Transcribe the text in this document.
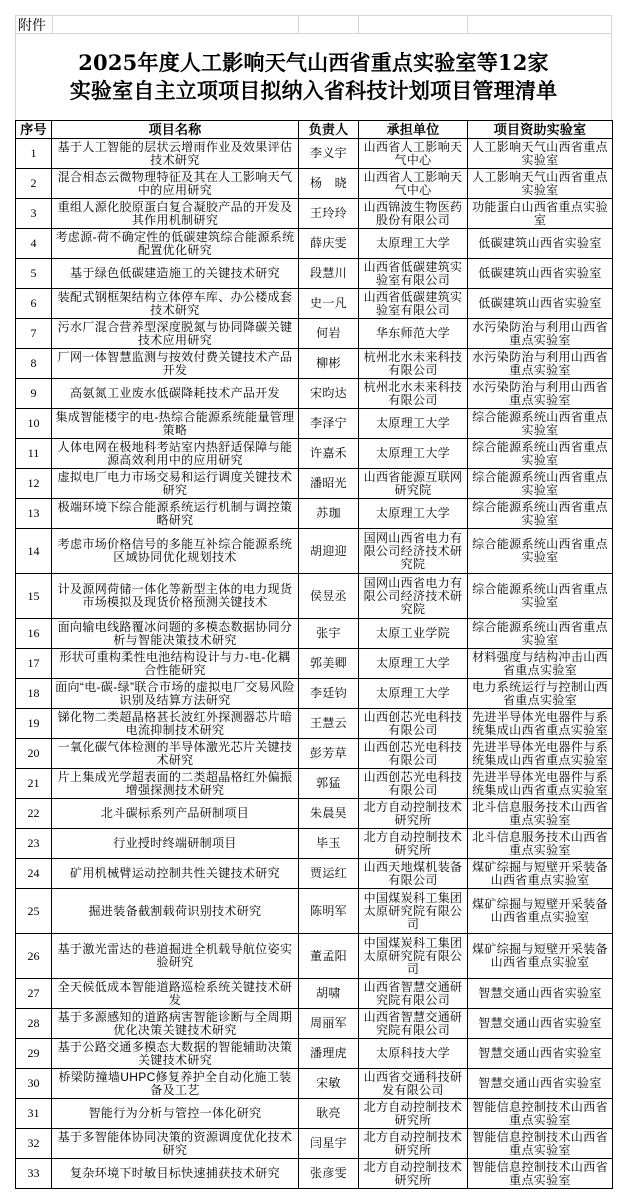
附件
2025年度人工影响天气山西省重点实验室等12家
实验室自主立项项目拟纳入省科技计划项目管理清单
序号	项目名称	负责人	承担单位	项目资助实验室
1	基于人工智能的层状云增雨作业及效果评估技术研究	李义宇	山西省人工影响天气中心	人工影响天气山西省重点实验室
2	混合相态云微物理特征及其在人工影响天气中的应用研究	杨　晓	山西省人工影响天气中心	人工影响天气山西省重点实验室
3	重组人源化胶原蛋白复合凝胶产品的开发及其作用机制研究	王玲玲	山西锦波生物医药股份有限公司	功能蛋白山西省重点实验室
4	考虑源-荷不确定性的低碳建筑综合能源系统配置优化研究	薛庆雯	太原理工大学	低碳建筑山西省实验室
5	基于绿色低碳建造施工的关键技术研究	段慧川	山西省低碳建筑实验室有限公司	低碳建筑山西省实验室
6	装配式钢框架结构立体停车库、办公楼成套技术研究	史一凡	山西省低碳建筑实验室有限公司	低碳建筑山西省实验室
7	污水厂混合营养型深度脱氮与协同降碳关键技术应用研究	何岩	华东师范大学	水污染防治与利用山西省重点实验室
8	厂网一体智慧监测与按效付费关键技术产品开发	柳彬	杭州北水未来科技有限公司	水污染防治与利用山西省重点实验室
9	高氨氮工业废水低碳降耗技术产品开发	宋昀达	杭州北水未来科技有限公司	水污染防治与利用山西省重点实验室
10	集成智能楼宇的电-热综合能源系统能量管理策略	李泽宁	太原理工大学	综合能源系统山西省重点实验室
11	人体电网在极地科考站室内热舒适保障与能源高效利用中的应用研究	许嘉禾	太原理工大学	综合能源系统山西省重点实验室
12	虚拟电厂电力市场交易和运行调度关键技术研究	潘昭光	山西省能源互联网研究院	综合能源系统山西省重点实验室
13	极端环境下综合能源系统运行机制与调控策略研究	苏珈	太原理工大学	综合能源系统山西省重点实验室
14	考虑市场价格信号的多能互补综合能源系统区域协同优化规划技术	胡迎迎	国网山西省电力有限公司经济技术研究院	综合能源系统山西省重点实验室
15	计及源网荷储一体化等新型主体的电力现货市场模拟及现货价格预测关键技术	侯昱丞	国网山西省电力有限公司经济技术研究院	综合能源系统山西省重点实验室
16	面向输电线路覆冰问题的多模态数据协同分析与智能决策技术研究	张宇	太原工业学院	综合能源系统山西省重点实验室
17	形状可重构柔性电池结构设计与力-电-化耦合性能研究	郭美卿	太原理工大学	材料强度与结构冲击山西省重点实验室
18	面向“电-碳-绿”联合市场的虚拟电厂交易风险识别及结算方法研究	李廷钧	太原理工大学	电力系统运行与控制山西省重点实验室
19	锑化物二类超晶格甚长波红外探测器芯片暗电流抑制技术研究	王慧云	山西创芯光电科技有限公司	先进半导体光电器件与系统集成山西省重点实验室
20	一氧化碳气体检测的半导体激光芯片关键技术研究	彭芳草	山西创芯光电科技有限公司	先进半导体光电器件与系统集成山西省重点实验室
21	片上集成光学超表面的二类超晶格红外偏振增强探测技术研究	郭猛	山西创芯光电科技有限公司	先进半导体光电器件与系统集成山西省重点实验室
22	北斗碳标系列产品研制项目	朱晨昊	北方自动控制技术研究所	北斗信息服务技术山西省重点实验室
23	行业授时终端研制项目	毕玉	北方自动控制技术研究所	北斗信息服务技术山西省重点实验室
24	矿用机械臂运动控制共性关键技术研究	贾运红	山西天地煤机装备有限公司	煤矿综掘与短壁开采装备山西省重点实验室
25	掘进装备截割载荷识别技术研究	陈明军	中国煤炭科工集团太原研究院有限公司	煤矿综掘与短壁开采装备山西省重点实验室
26	基于激光雷达的巷道掘进全机载导航位姿实验研究	董孟阳	中国煤炭科工集团太原研究院有限公司	煤矿综掘与短壁开采装备山西省重点实验室
27	全天候低成本智能道路巡检系统关键技术研发	胡啸	山西省智慧交通研究院有限公司	智慧交通山西省实验室
28	基于多源感知的道路病害智能诊断与全周期优化决策关键技术研究	周丽军	山西省智慧交通研究院有限公司	智慧交通山西省实验室
29	基于公路交通多模态大数据的智能辅助决策关键技术研究	潘理虎	太原科技大学	智慧交通山西省实验室
30	桥梁防撞墙UHPC修复养护全自动化施工装备及工艺	宋敏	山西省交通科技研发有限公司	智慧交通山西省实验室
31	智能行为分析与管控一体化研究	耿亮	北方自动控制技术研究所	智能信息控制技术山西省重点实验室
32	基于多智能体协同决策的资源调度优化技术研究	闫星宇	北方自动控制技术研究所	智能信息控制技术山西省重点实验室
33	复杂环境下时敏目标快速捕获技术研究	张彦雯	北方自动控制技术研究所	智能信息控制技术山西省重点实验室
